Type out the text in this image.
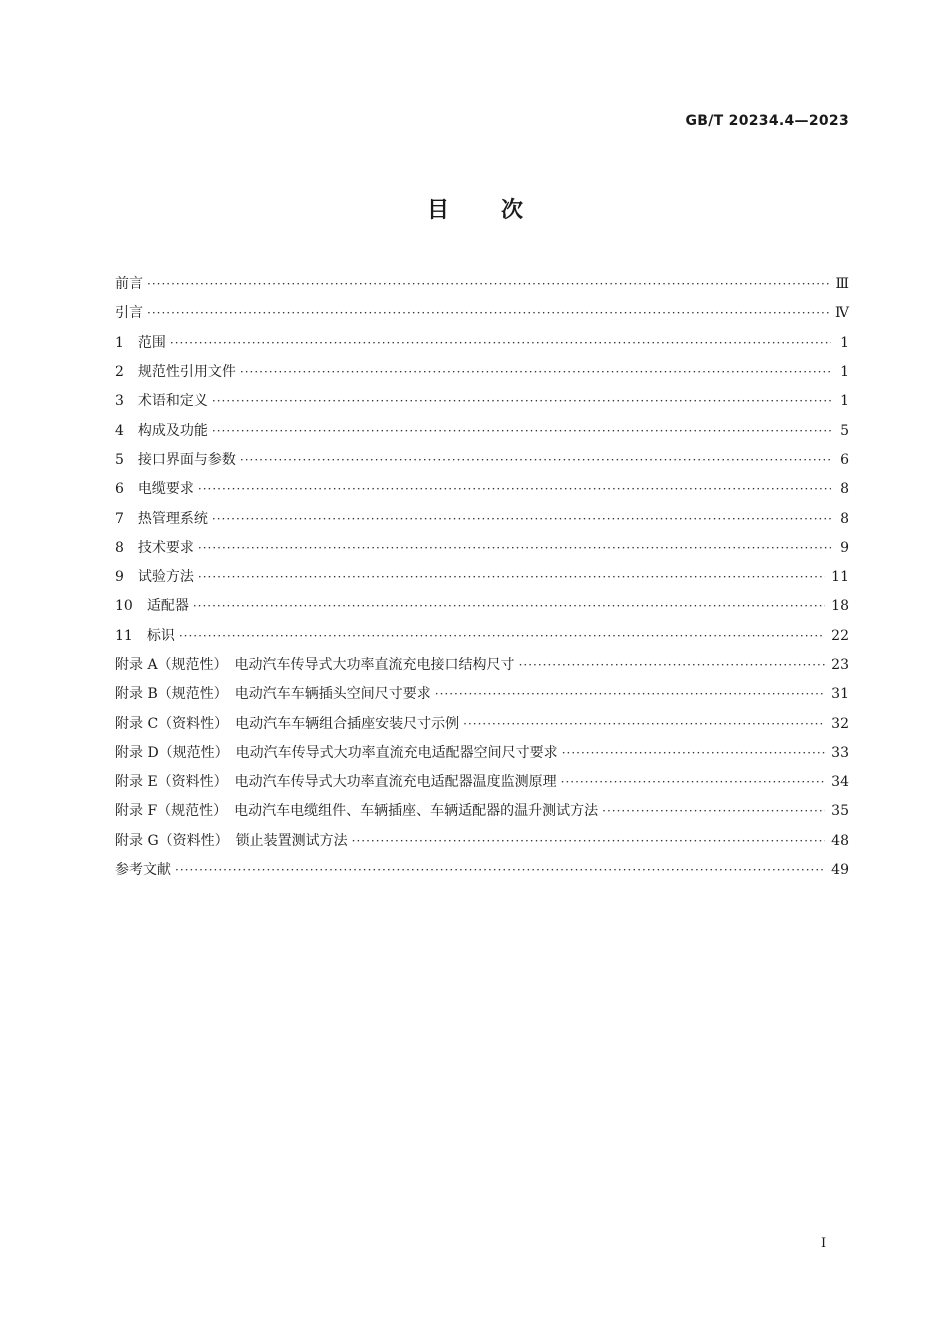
GB/T 20234.4—2023
目 次
前言 ·····	Ⅲ
引言 ·····	Ⅳ
1　范围 ·····	1
2　规范性引用文件 ·····	1
3　术语和定义 ·····	1
4　构成及功能 ·····	5
5　接口界面与参数 ·····	6
6　电缆要求 ·····	8
7　热管理系统 ·····	8
8　技术要求 ·····	9
9　试验方法 ·····	11
10　适配器 ·····	18
11　标识 ·····	22
附录 A（规范性）　电动汽车传导式大功率直流充电接口结构尺寸 ·····	23
附录 B（规范性）　电动汽车车辆插头空间尺寸要求 ·····	31
附录 C（资料性）　电动汽车车辆组合插座安装尺寸示例 ·····	32
附录 D（规范性）　电动汽车传导式大功率直流充电适配器空间尺寸要求 ·····	33
附录 E（资料性）　电动汽车传导式大功率直流充电适配器温度监测原理 ·····	34
附录 F（规范性）　电动汽车电缆组件、车辆插座、车辆适配器的温升测试方法 ·····	35
附录 G（资料性）　锁止装置测试方法 ·····	48
参考文献 ·····	49
Ⅰ
